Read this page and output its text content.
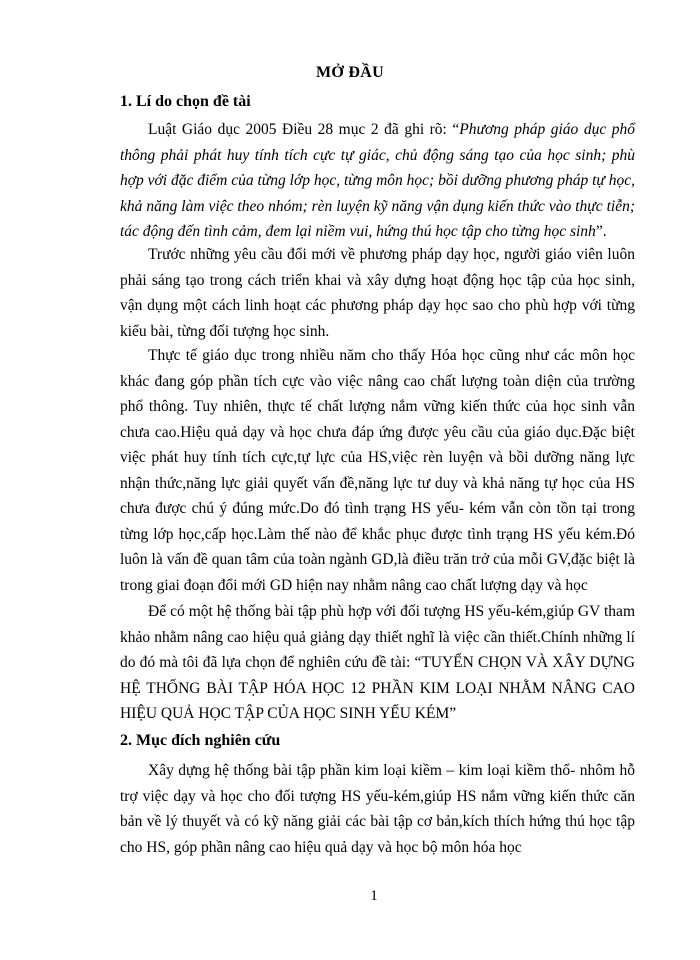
MỞ ĐẦU
1. Lí do chọn đề tài

Luật Giáo dục 2005 Điều 28 mục 2 đã ghi rõ: “Phương pháp giáo dục phổ thông phải phát huy tính tích cực tự giác, chủ động sáng tạo của học sinh; phù hợp với đặc điểm của từng lớp học, từng môn học; bồi dưỡng phương pháp tự học, khả năng làm việc theo nhóm; rèn luyện kỹ năng vận dụng kiến thức vào thực tiễn; tác động đến tình cảm, đem lại niềm vui, hứng thú học tập cho từng học sinh”.

Trước những yêu cầu đổi mới về phương pháp dạy học, người giáo viên luôn phải sáng tạo trong cách triển khai và xây dựng hoạt động học tập của học sinh, vận dụng một cách linh hoạt các phương pháp dạy học sao cho phù hợp với từng kiểu bài, từng đối tượng học sinh.

Thực tế giáo dục trong nhiều năm cho thấy Hóa học cũng như các môn học khác đang góp phần tích cực vào việc nâng cao chất lượng toàn diện của trường phổ thông. Tuy nhiên, thực tế chất lượng nắm vững kiến thức của học sinh vẫn chưa cao.Hiệu quả dạy và học chưa đáp ứng được yêu cầu của giáo dục.Đặc biệt việc phát huy tính tích cực,tự lực của HS,việc rèn luyện và bồi dưỡng năng lực nhận thức,năng lực giải quyết vấn đề,năng lực tư duy và khả năng tự học của HS chưa được chú ý đúng mức.Do đó tình trạng HS yếu- kém vẫn còn tồn tại trong từng lớp học,cấp học.Làm thế nào để khắc phục được tình trạng HS yếu kém.Đó luôn là vấn đề quan tâm của toàn ngành GD,là điều trăn trở của mỗi GV,đặc biệt là trong giai đoạn đổi mới GD hiện nay nhằm nâng cao chất lượng dạy và học

Để có một hệ thống bài tập phù hợp với đối tượng HS yếu-kém,giúp GV tham khảo nhằm nâng cao hiệu quả giảng dạy thiết nghĩ là việc cần thiết.Chính những lí do đó mà tôi đã lựa chọn để nghiên cứu đề tài: “TUYỂN CHỌN VÀ XÂY DỰNG HỆ THỐNG BÀI TẬP HÓA HỌC 12 PHẦN KIM LOẠI NHẰM NÂNG CAO HIỆU QUẢ HỌC TẬP CỦA HỌC SINH YẾU KÉM”

2. Mục đích nghiên cứu

Xây dựng hệ thống bài tập phần kim loại kiềm – kim loại kiềm thổ- nhôm hỗ trợ việc dạy và học cho đối tượng HS yếu-kém,giúp HS nắm vững kiến thức căn bản về lý thuyết và có kỹ năng giải các bài tập cơ bản,kích thích hứng thú học tập cho HS, góp phần nâng cao hiệu quả dạy và học bộ môn hóa học

1
